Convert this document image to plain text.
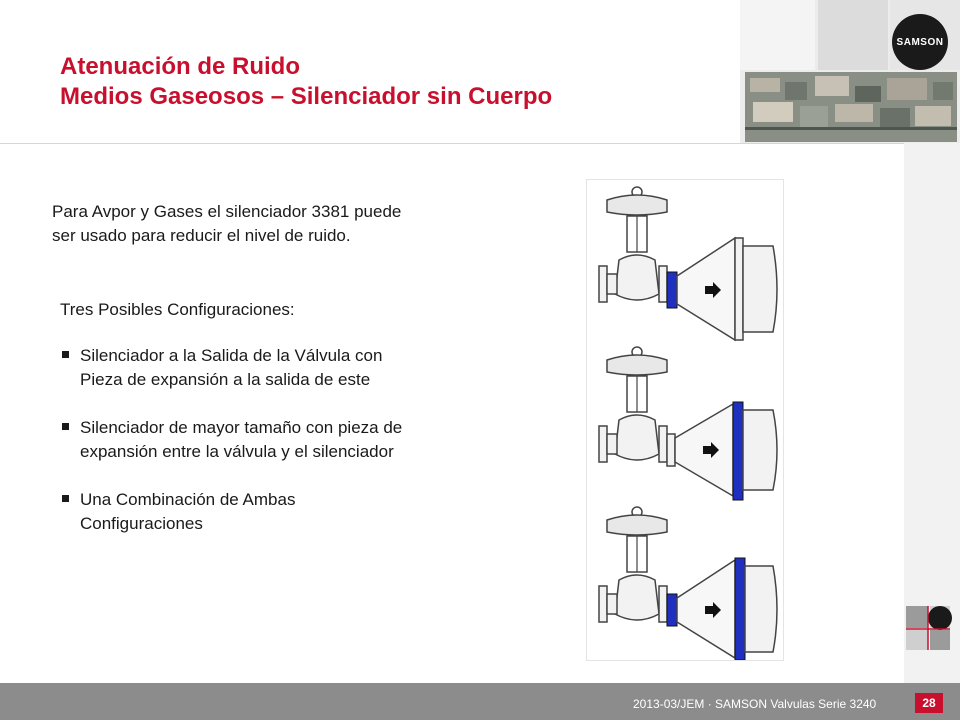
SAMSON
Atenuación de Ruido
Medios Gaseosos – Silenciador sin Cuerpo
Para Avpor y Gases el silenciador 3381 puede
ser usado para reducir el nivel de ruido.
Tres Posibles Configuraciones:
Silenciador a la Salida de la Válvula con
Pieza de expansión a la salida de este
Silenciador de mayor tamaño con pieza de
expansión entre la válvula y el silenciador
Una Combinación de Ambas
Configuraciones
2013-03/JEM · SAMSON Valvulas Serie 3240	28
